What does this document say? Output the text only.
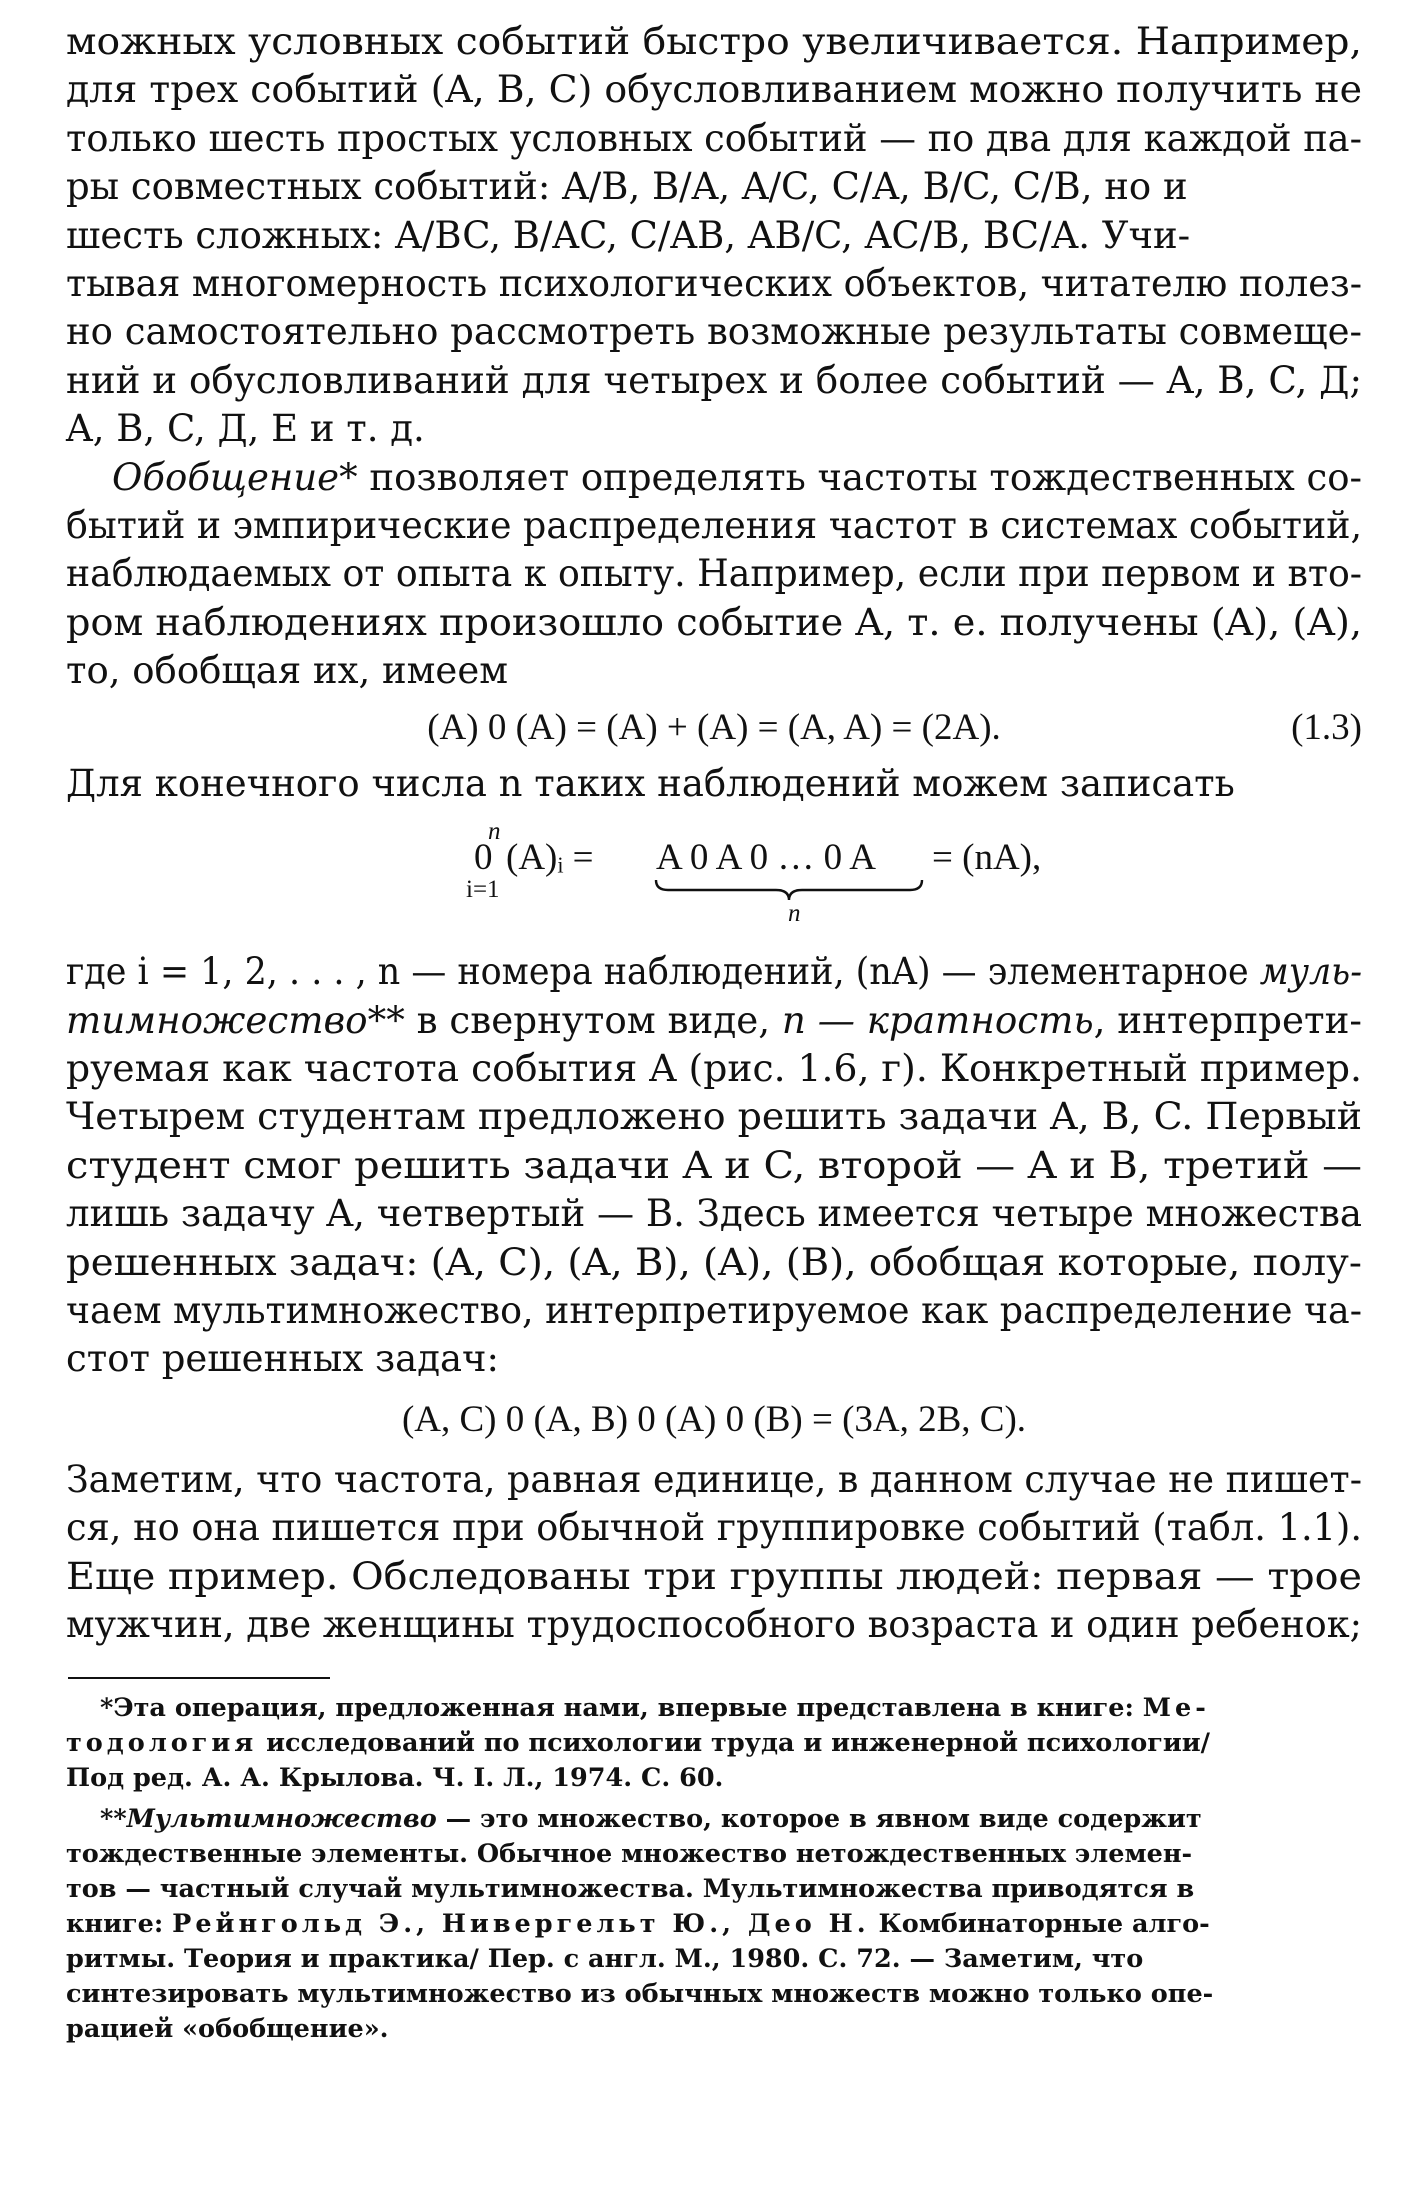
можных условных событий быстро увеличивается. Например,
для трех событий (A, B, C) обусловливанием можно получить не
только шесть простых условных событий — по два для каждой па-
ры совместных событий: A/B, B/A, A/C, C/A, B/C, C/B, но и
шесть сложных: A/BC, B/AC, C/AB, AB/C, AC/B, BC/A. Учи-
тывая многомерность психологических объектов, читателю полез-
но самостоятельно рассмотреть возможные результаты совмеще-
ний и обусловливаний для четырех и более событий — A, B, C, Д;
A, B, C, Д, E и т. д.

Обобщение* позволяет определять частоты тождественных со-
бытий и эмпирические распределения частот в системах событий,
наблюдаемых от опыта к опыту. Например, если при первом и вто-
ром наблюдениях произошло событие A, т. е. получены (A), (A),
то, обобщая их, имеем

(A) 0 (A) = (A) + (A) = (A, A) = (2A).	(1.3)

Для конечного числа n таких наблюдений можем записать

n
0
i=1
(A)ᵢ = A 0 A 0 … 0 A
n
= (nA),

где i = 1, 2, . . . , n — номера наблюдений, (nA) — элементарное муль-
тимножество** в свернутом виде, n — кратность, интерпрети-
руемая как частота события A (рис. 1.6, г). Конкретный пример.
Четырем студентам предложено решить задачи A, B, C. Первый
студент смог решить задачи A и C, второй — A и B, третий —
лишь задачу A, четвертый — B. Здесь имеется четыре множества
решенных задач: (A, C), (A, B), (A), (B), обобщая которые, полу-
чаем мультимножество, интерпретируемое как распределение ча-
стот решенных задач:

(A, C) 0 (A, B) 0 (A) 0 (B) = (3A, 2B, C).

Заметим, что частота, равная единице, в данном случае не пишет-
ся, но она пишется при обычной группировке событий (табл. 1.1).
Еще пример. Обследованы три группы людей: первая — трое
мужчин, две женщины трудоспособного возраста и один ребенок;

*Эта операция, предложенная нами, впервые представлена в книге: Ме-
тодология исследований по психологии труда и инженерной психологии/
Под ред. А. А. Крылова. Ч. I. Л., 1974. С. 60.

**Мультимножество — это множество, которое в явном виде содержит
тождественные элементы. Обычное множество нетождественных элемен-
тов — частный случай мультимножества. Мультимножества приводятся в
книге: Рейнгольд Э., Нивергельт Ю., Део Н. Комбинаторные алго-
ритмы. Теория и практика/ Пер. с англ. М., 1980. С. 72. — Заметим, что
синтезировать мультимножество из обычных множеств можно только опе-
рацией «обобщение».
